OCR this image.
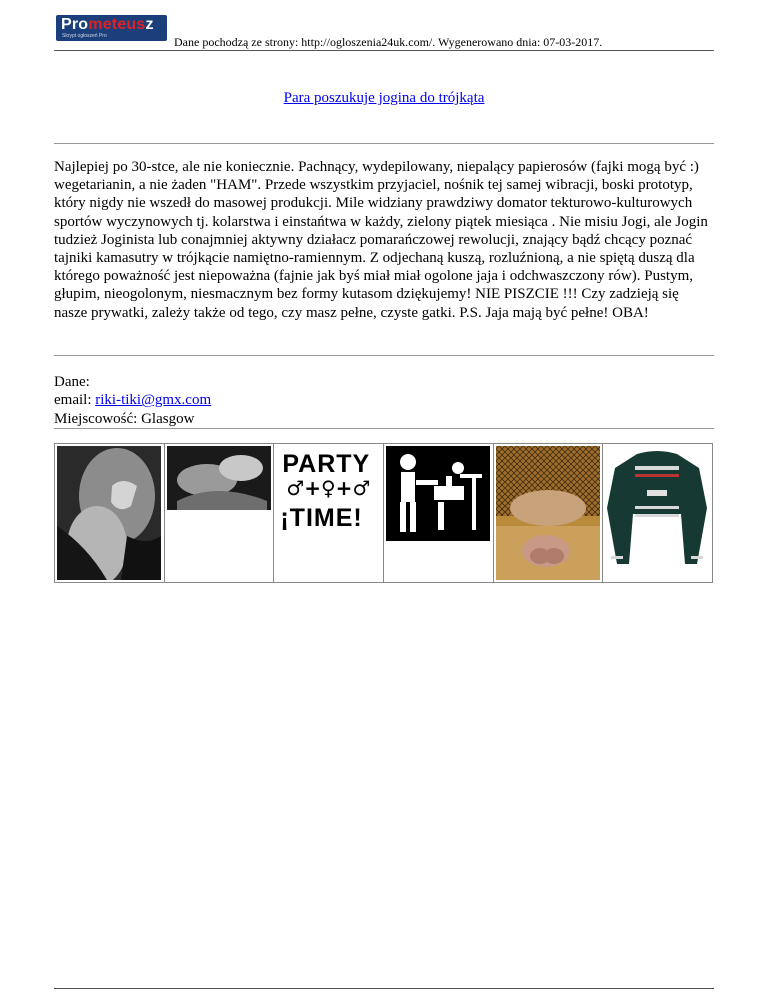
Prometeusz
Skrypt ogłoszeń Pro	Dane pochodzą ze strony: http://ogloszenia24uk.com/. Wygenerowano dnia: 07-03-2017.
Para poszukuje jogina do trójkąta
Najlepiej po 30-stce, ale nie koniecznie. Pachnący, wydepilowany, niepalący papierosów (fajki mogą być :) wegetarianin, a nie żaden "HAM". Przede wszystkim przyjaciel, nośnik tej samej wibracji, boski prototyp, który nigdy nie wszedł do masowej produkcji. Mile widziany prawdziwy domator tekturowo-kulturowych sportów wyczynowych tj. kolarstwa i einstańtwa w każdy, zielony piątek miesiąca . Nie misiu Jogi, ale Jogin tudzież Joginista lub conajmniej aktywny działacz pomarańczowej rewolucji, znający bądź chcący poznać tajniki kamasutry w trójkącie namiętno-ramiennym. Z odjechaną kuszą, rozluźnioną, a nie spiętą duszą dla którego poważność jest niepoważna (fajnie jak byś miał miał ogolone jaja i odchwaszczony rów). Pustym, głupim, nieogolonym, niesmacznym bez formy kutasom dziękujemy! NIE PISZCIE !!! Czy zadzieją się nasze prywatki, zależy także od tego, czy masz pełne, czyste gatki. P.S. Jaja mają być pełne! OBA!
Dane:
email: riki-tiki@gmx.com
Miejscowość: Glasgow
PARTY
♂+♀+♂
¡TIME!
